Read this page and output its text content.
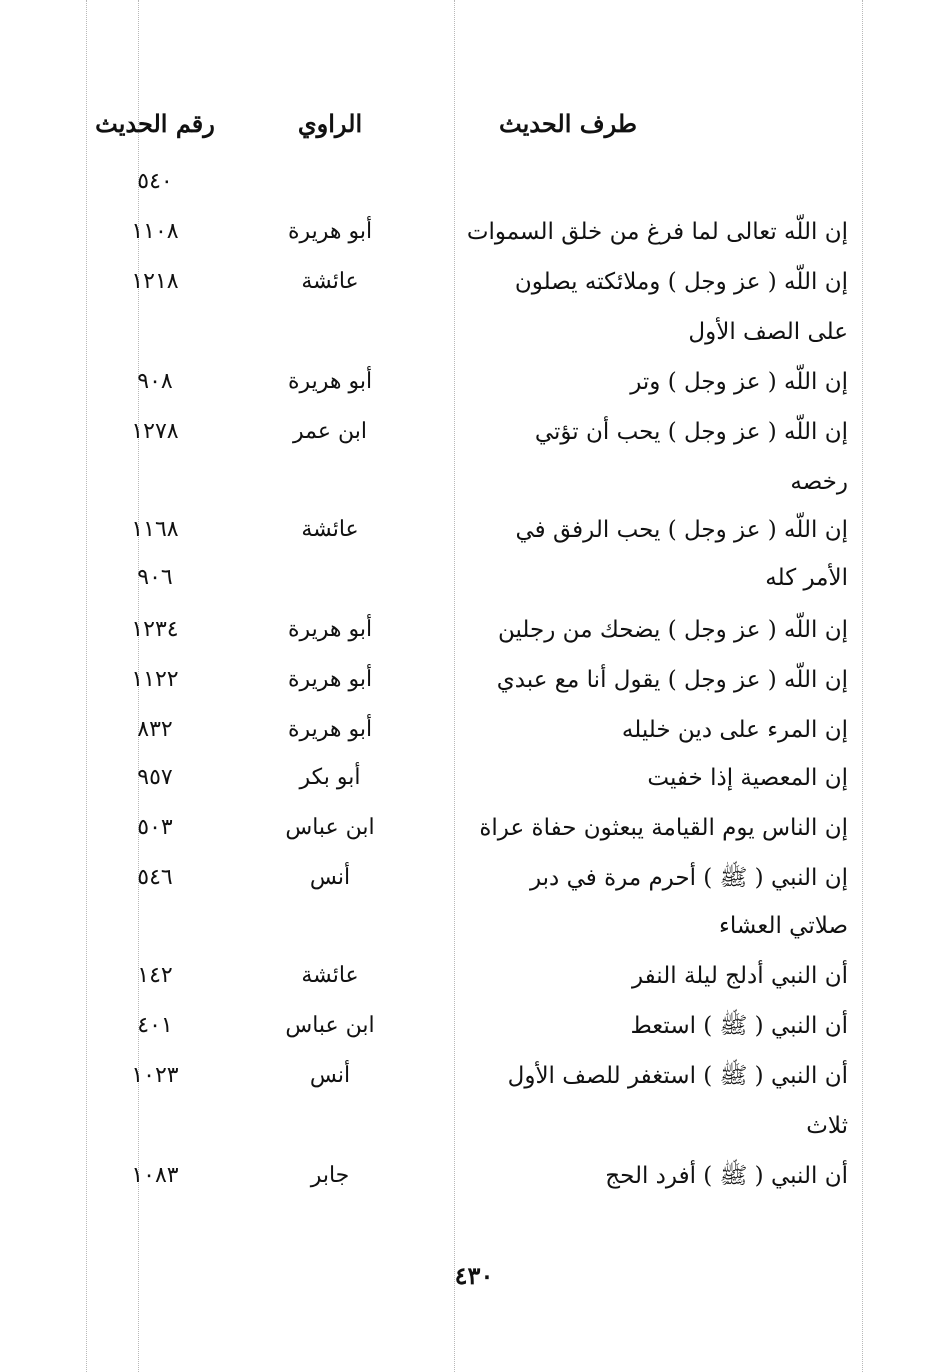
طرف الحديث
الراوي
رقم الحديث
٥٤٠
إن اللّه تعالى لما فرغ من خلق السموات
أبو هريرة
١١٠٨
إن اللّه ( عز وجل ) وملائكته يصلون
عائشة
١٢١٨
على الصف الأول
إن اللّه ( عز وجل ) وتر
أبو هريرة
٩٠٨
إن اللّه ( عز وجل ) يحب أن تؤتي
ابن عمر
١٢٧٨
رخصه
إن اللّه ( عز وجل ) يحب الرفق في
عائشة
١١٦٨
الأمر كله
٩٠٦
إن اللّه ( عز وجل ) يضحك من رجلين
أبو هريرة
١٢٣٤
إن اللّه ( عز وجل ) يقول أنا مع عبدي
أبو هريرة
١١٢٢
إن المرء على دين خليله
أبو هريرة
٨٣٢
إن المعصية إذا خفيت
أبو بكر
٩٥٧
إن الناس يوم القيامة يبعثون حفاة عراة
ابن عباس
٥٠٣
إن النبي ( ﷺ ) أحرم مرة في دبر
أنس
٥٤٦
صلاتي العشاء
أن النبي أدلج ليلة النفر
عائشة
١٤٢
أن النبي ( ﷺ ) استعط
ابن عباس
٤٠١
أن النبي ( ﷺ ) استغفر للصف الأول
أنس
١٠٢٣
ثلاث
أن النبي ( ﷺ ) أفرد الحج
جابر
١٠٨٣
٤٣٠
